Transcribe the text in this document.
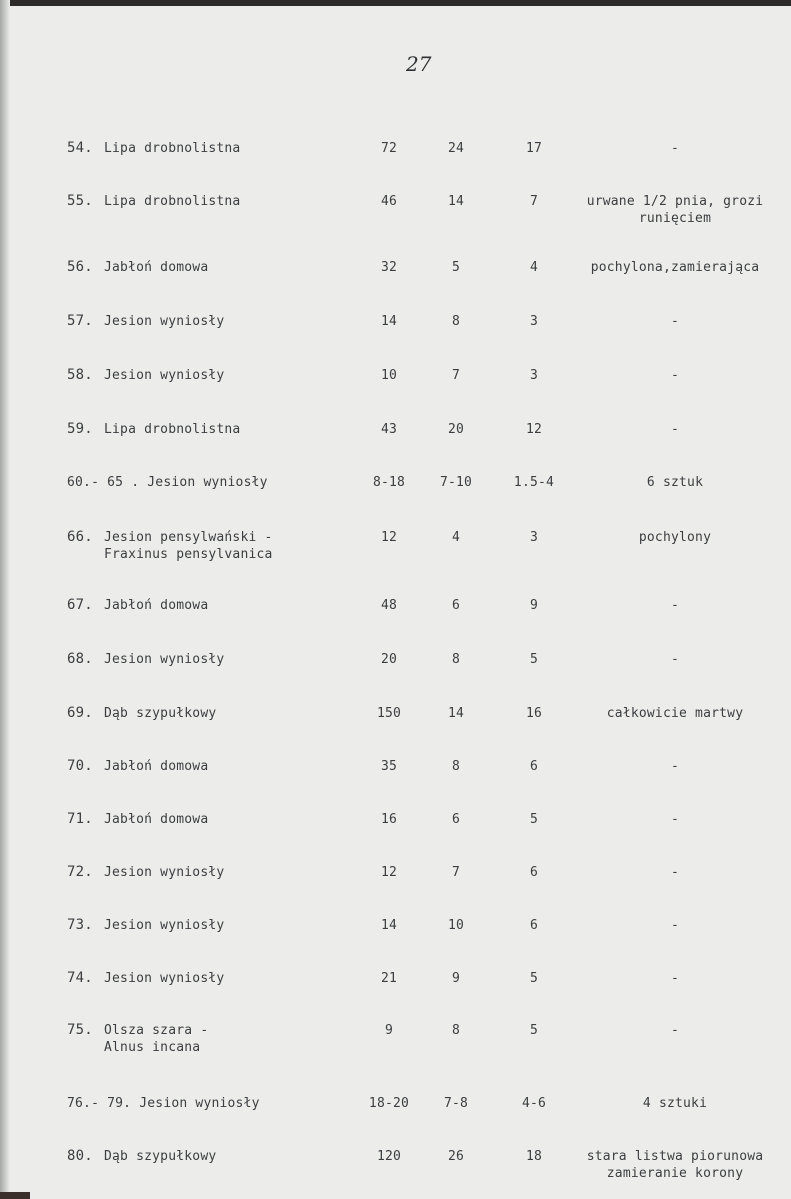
27
54. Lipa drobnolistna	72	24	17	-
55. Lipa drobnolistna	46	14	7	urwane 1/2 pnia, grozi
runięciem
56. Jabłoń domowa	32	5	4	pochylona,zamierająca
57. Jesion wyniosły	14	8	3	-
58. Jesion wyniosły	10	7	3	-
59. Lipa drobnolistna	43	20	12	-
60.- 65 . Jesion wyniosły	8-18	7-10	1.5-4	6 sztuk
66. Jesion pensylwański -
Fraxinus pensylvanica
12	4	3	pochylony
67. Jabłoń domowa	48	6	9	-
68. Jesion wyniosły	20	8	5	-
69. Dąb szypułkowy	150	14	16	całkowicie martwy
70. Jabłoń domowa	35	8	6	-
71. Jabłoń domowa	16	6	5	-
72. Jesion wyniosły	12	7	6	-
73. Jesion wyniosły	14	10	6	-
74. Jesion wyniosły	21	9	5	-
75. Olsza szara -
Alnus incana
9	8	5	-
76.- 79. Jesion wyniosły	18-20	7-8	4-6	4 sztuki
80. Dąb szypułkowy	120	26	18	stara listwa piorunowa
zamieranie korony
